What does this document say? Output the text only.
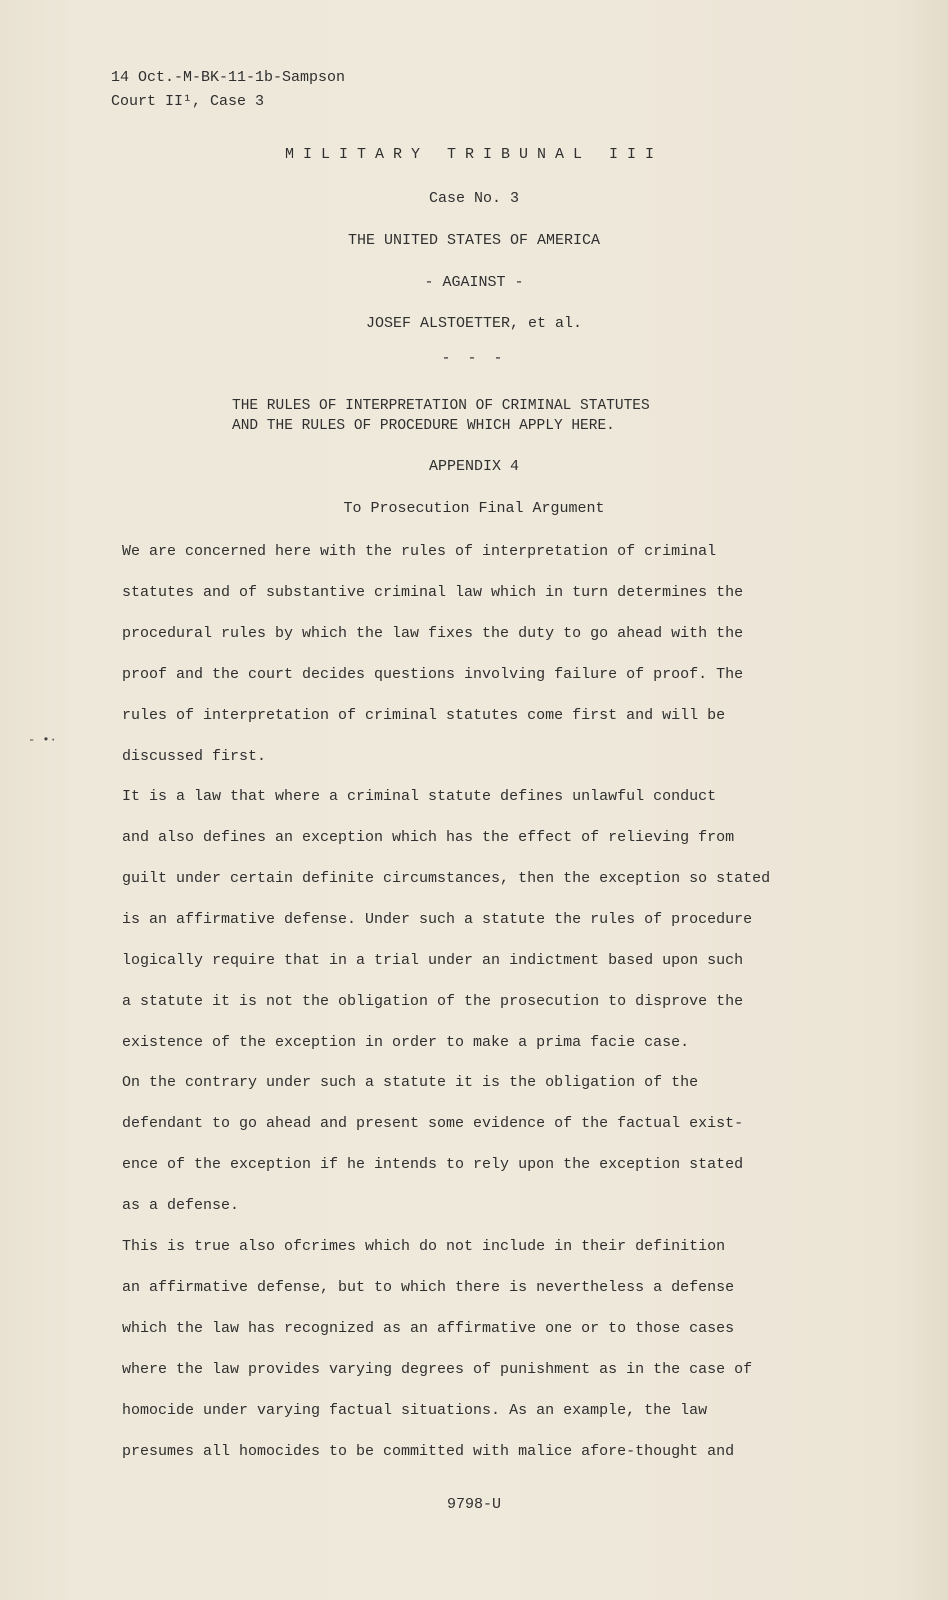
14 Oct.-M-BK-11-1b-Sampson
Court II¹, Case 3
MILITARY TRIBUNAL III
Case No. 3
THE UNITED STATES OF AMERICA
- AGAINST -
JOSEF ALSTOETTER, et al.
- - -
THE RULES OF INTERPRETATION OF CRIMINAL STATUTES
AND THE RULES OF PROCEDURE WHICH APPLY HERE.
APPENDIX 4
To Prosecution Final Argument
We are concerned here with the rules of interpretation of criminal
statutes and of substantive criminal law which in turn determines the
procedural rules by which the law fixes the duty to go ahead with the
proof and the court decides questions involving failure of proof. The
rules of interpretation of criminal statutes come first and will be
discussed first.
It is a law that where a criminal statute defines unlawful conduct
and also defines an exception which has the effect of relieving from
guilt under certain definite circumstances, then the exception so stated
is an affirmative defense. Under such a statute the rules of procedure
logically require that in a trial under an indictment based upon such
a statute it is not the obligation of the prosecution to disprove the
existence of the exception in order to make a prima facie case.
On the contrary under such a statute it is the obligation of the
defendant to go ahead and present some evidence of the factual exist-
ence of the exception if he intends to rely upon the exception stated
as a defense.
This is true also ofcrimes which do not include in their definition
an affirmative defense, but to which there is nevertheless a defense
which the law has recognized as an affirmative one or to those cases
where the law provides varying degrees of punishment as in the case of
homocide under varying factual situations. As an example, the law
presumes all homocides to be committed with malice afore-thought and
9798-U
- •·
